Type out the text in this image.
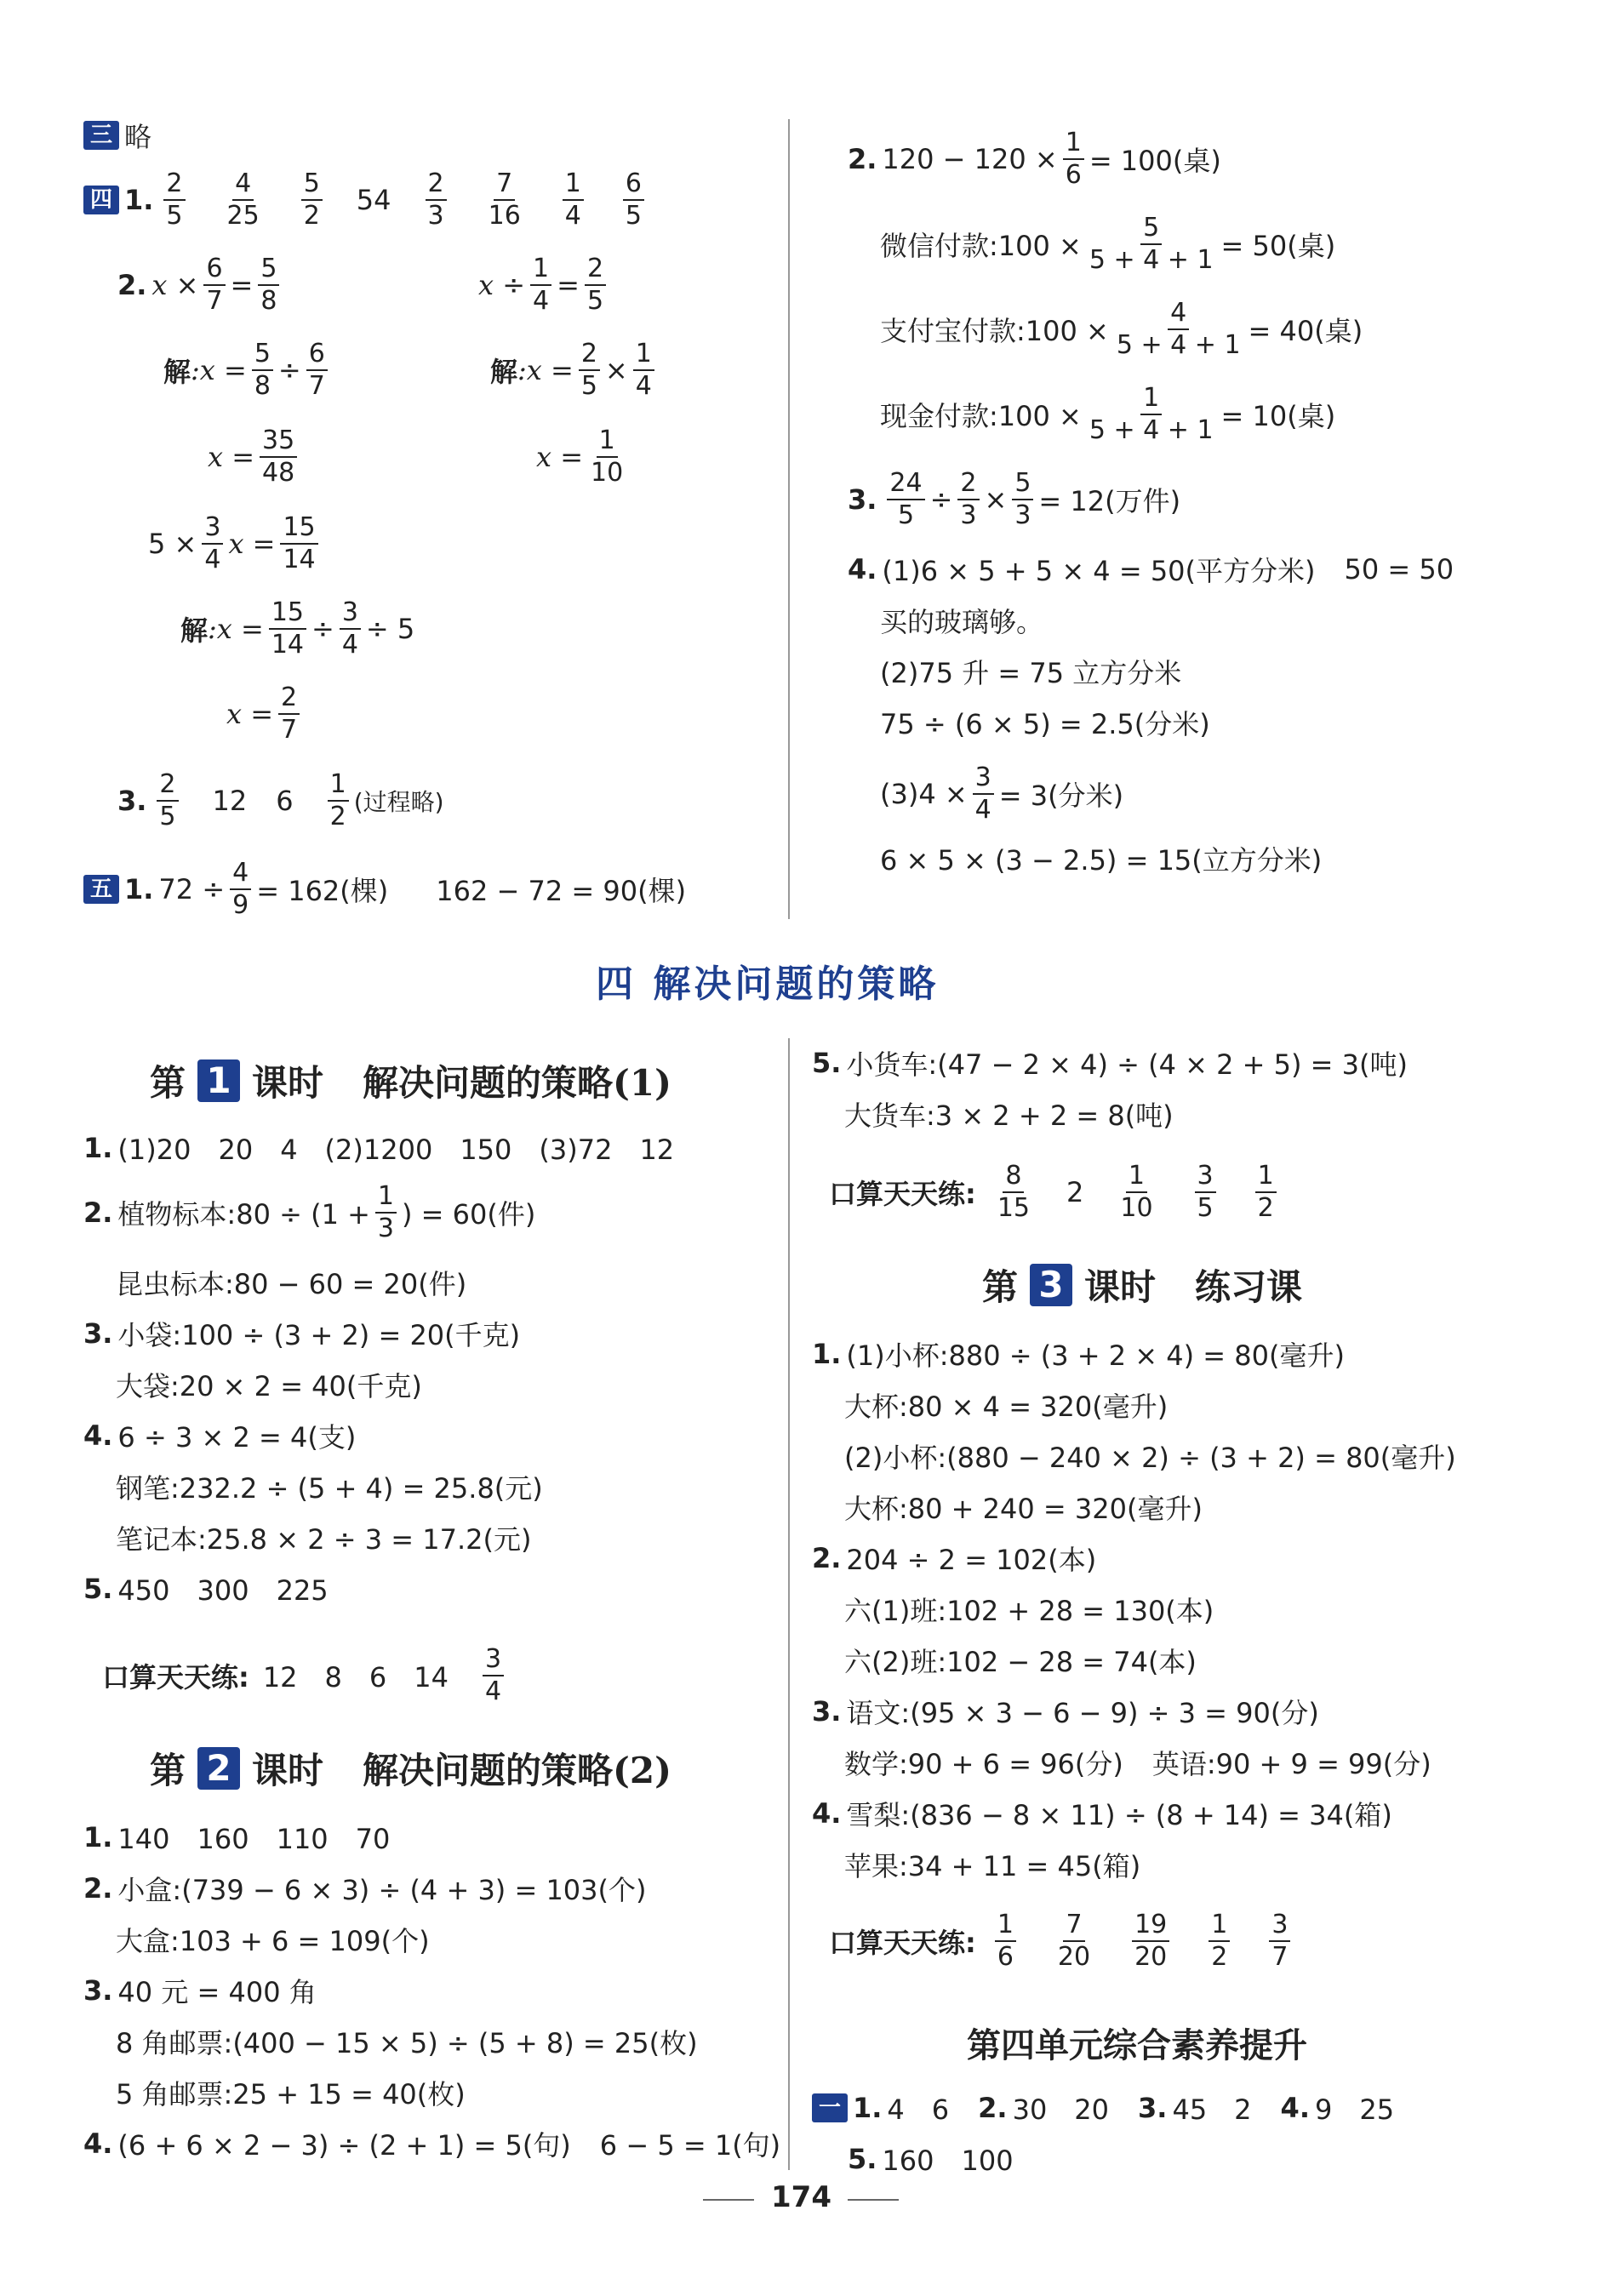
三 略
四 1. $\frac{2}{5} \frac{4}{25} \frac{5}{2} 54 \frac{2}{3} \frac{7}{16} \frac{1}{4} \frac{6}{5}$
2. x
× $\frac{6}{7} = \frac{5}{8}$
解 :x = $\frac{5}{8} \div \frac{6}{7}$
$x = \frac{35}{48}$
x
÷ $\frac{1}{4} = \frac{2}{5}$
解 :x = $\frac{2}{5} \times \frac{1}{4}$
$x = \frac{1}{10}$
$5 \times \frac{3}{4}$ $x = \frac{15}{14}$
解 :x = $\frac{15}{14} \div \frac{3}{4} \div 5$
$x = \frac{2}{7}$
3. $\frac{2}{5} 12$ $6 \frac{1}{2}$ (过程略)
五 1. $72 \div \frac{4}{9} = 162$(棵) 162 − 72 = 90(棵)
2. $120 - 120 \times \frac{1}{6} = 100$(桌)
微信付款:100 × $\frac{5}{5 + 4 + 1} = 50$(桌)
支付宝付款:100 × $\frac{4}{5 + 4 + 1} = 40$(桌)
现金付款:100 × $\frac{1}{5 + 4 + 1} = 10$(桌)
3. $\frac{24}{5} \div \frac{2}{3} \times \frac{5}{3} = 12$(万件)
4. (1)6 × 5 + 5 × 4 = 50(平方分米) 50 = 50
买的玻璃够。
(2)75 升 = 75 立方分米
75 ÷ (6 × 5) = 2.5(分米)
$(3)4 \times \frac{3}{4} = 3$(分米)
6 × 5 × (3 − 2.5) = 15(立方分米)
四 解决问题的策略
第 1 课时 解决问题的策略(1)
1. (1)20　20　4　(2)1200　150　(3)72　12
2. 植物标本:80 ÷ ($1 + \frac{1}{3}$ ) = 60(件)
昆虫标本:80 − 60 = 20(件)
3. 小袋:100 ÷ (3 + 2) = 20(千克)
大袋:20 × 2 = 40(千克)
4. 6 ÷ 3 × 2 = 4(支)
钢笔:232.2 ÷ (5 + 4) = 25.8(元)
笔记本:25.8 × 2 ÷ 3 = 17.2(元)
5. 450　300　225
口算天天练: 12　8　6　$14 \frac{3}{4}$
第 2 课时 解决问题的策略(2)
1. 140　160　110　70
2. 小盒:(739 − 6 × 3) ÷ (4 + 3) = 103(个)
大盒:103 + 6 = 109(个)
3. 40 元 = 400 角
8 角邮票:(400 − 15 × 5) ÷ (5 + 8) = 25(枚)
5 角邮票:25 + 15 = 40(枚)
4. (6 + 6 × 2 − 3) ÷ (2 + 1) = 5(句) 6 − 5 = 1(句)
5. 小货车:(47 − 2 × 4) ÷ (4 × 2 + 5) = 3(吨)
大货车:3 × 2 + 2 = 8(吨)
口算天天练: $\frac{8}{15} 2 \frac{1}{10} \frac{3}{5} \frac{1}{2}$
第 3 课时 练习课
1. (1)小杯:880 ÷ (3 + 2 × 4) = 80(毫升)
大杯:80 × 4 = 320(毫升)
(2)小杯:(880 − 240 × 2) ÷ (3 + 2) = 80(毫升)
大杯:80 + 240 = 320(毫升)
2. 204 ÷ 2 = 102(本)
六(1)班:102 + 28 = 130(本)
六(2)班:102 − 28 = 74(本)
3. 语文:(95 × 3 − 6 − 9) ÷ 3 = 90(分)
数学:90 + 6 = 96(分) 英语:90 + 9 = 99(分)
4. 雪梨:(836 − 8 × 11) ÷ (8 + 14) = 34(箱)
苹果:34 + 11 = 45(箱)
口算天天练: $\frac{1}{6} \frac{7}{20} \frac{19}{20} \frac{1}{2} \frac{3}{7}$
第四单元综合素养提升
一 1. 4　6 2. 30　20 3. 45　2 4. 9　25
5. 160　100
174
